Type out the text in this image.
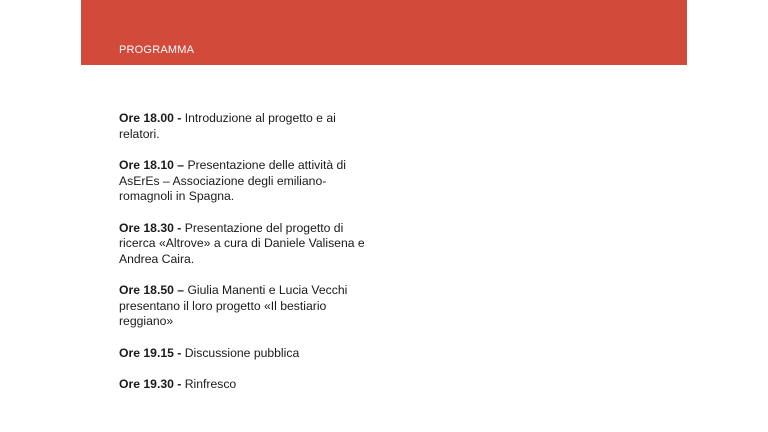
PROGRAMMA
Ore 18.00 - Introduzione al progetto e ai relatori.
Ore 18.10 – Presentazione delle attività di AsErEs – Associazione degli emiliano-romagnoli in Spagna.
Ore 18.30 - Presentazione del progetto di ricerca «Altrove» a cura di Daniele Valisena e Andrea Caira.
Ore 18.50 – Giulia Manenti e Lucia Vecchi presentano il loro progetto «Il bestiario reggiano»
Ore 19.15 - Discussione pubblica
Ore 19.30 - Rinfresco
